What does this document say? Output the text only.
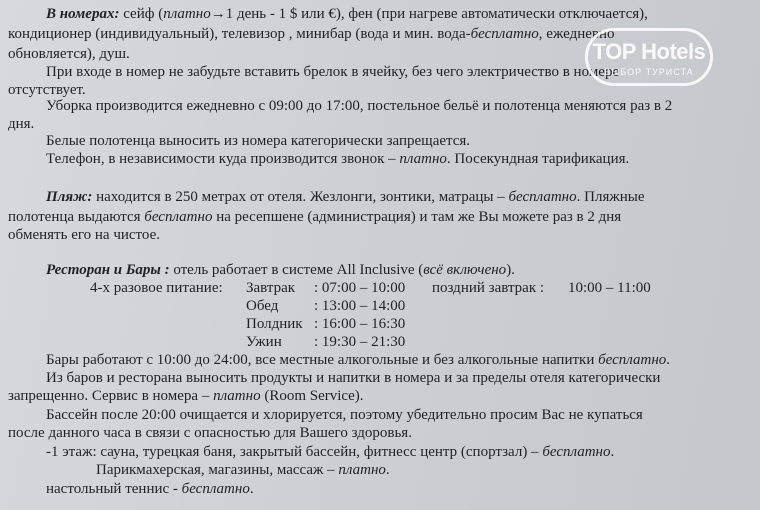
В номерах: сейф (платно→1 день - 1 $ или €), фен (при нагреве автоматически отключается),
кондиционер (индивидуальный), телевизор , минибар (вода и мин. вода-бесплатно, ежедневно
обновляется), душ.
При входе в номер не забудьте вставить брелок в ячейку, без чего электричество в номере
отсутствует.
Уборка производится ежедневно с 09:00 до 17:00, постельное бельё и полотенца меняются раз в 2
дня.
Белые полотенца выносить из номера категорически запрещается.
Телефон, в независимости куда производится звонок – платно. Посекундная тарификация.
Пляж: находится в 250 метрах от отеля. Жезлонги, зонтики, матрацы – бесплатно. Пляжные
полотенца выдаются бесплатно на ресепшене (администрация) и там же Вы можете раз в 2 дня
обменять его на чистое.
Ресторан и Бары : отель работает в системе All Inclusive (всё включено).
4-х разовое питание: Завтрак : 07:00 – 10:00 поздний завтрак : 10:00 – 11:00
Обед : 13:00 – 14:00
Полдник : 16:00 – 16:30
Ужин : 19:30 – 21:30
Бары работают с 10:00 до 24:00, все местные алкогольные и без алкогольные напитки бесплатно.
Из баров и ресторана выносить продукты и напитки в номера и за пределы отеля категорически
запрещенно. Сервис в номера – платно (Room Service).
Бассейн после 20:00 очищается и хлорируется, поэтому убедительно просим Вас не купаться
после данного часа в связи с опасностью для Вашего здоровья.
-1 этаж: сауна, турецкая баня, закрытый бассейн, фитнесс центр (спортзал) – бесплатно.
Парикмахерская, магазины, массаж – платно.
настольный теннис - бесплатно.
TOP Hotels
ВЫБОР ТУРИСТА
